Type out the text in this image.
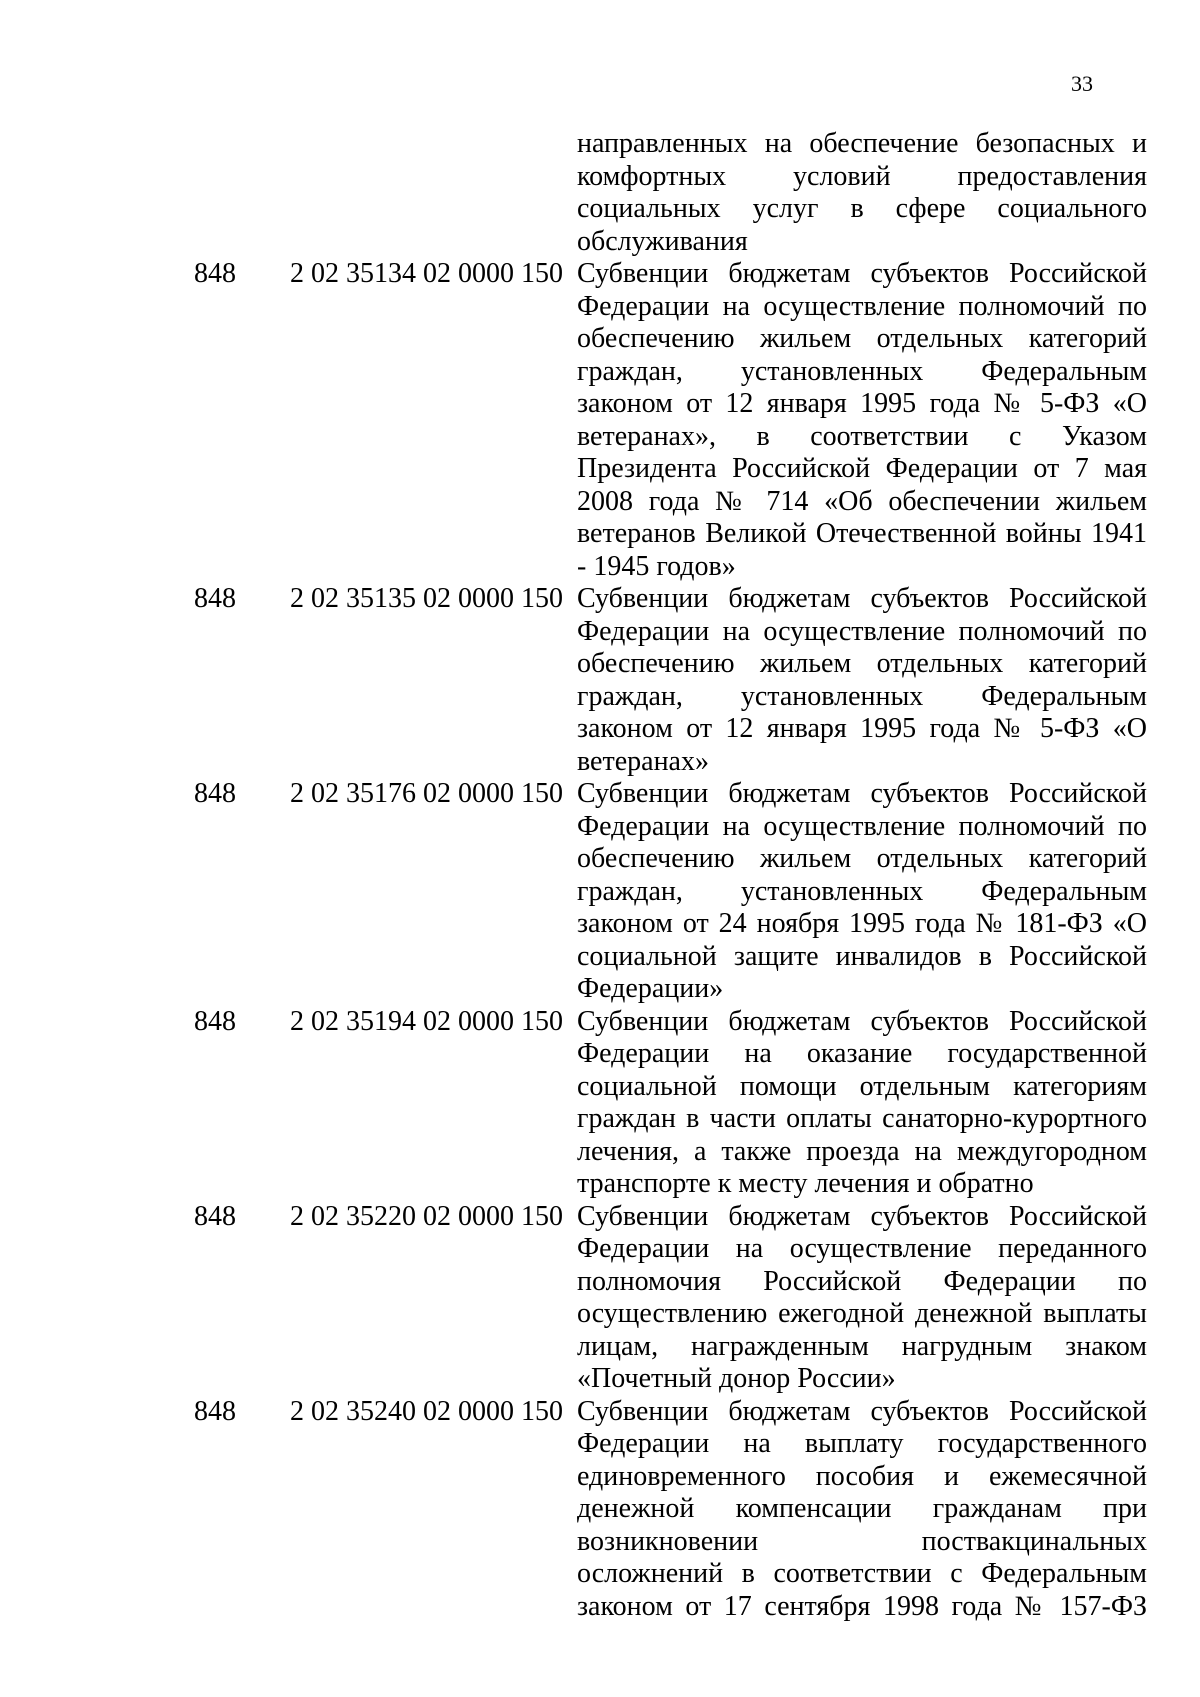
33
направленных на обеспечение безопасных и
комфортных условий предоставления
социальных услуг в сфере социального
обслуживания
848 2 02 35134 02 0000 150 Субвенции бюджетам субъектов Российской
Федерации на осуществление полномочий по
обеспечению жильем отдельных категорий
граждан, установленных Федеральным
законом от 12 января 1995 года № 5-ФЗ «О
ветеранах», в соответствии с Указом
Президента Российской Федерации от 7 мая
2008 года № 714 «Об обеспечении жильем
ветеранов Великой Отечественной войны 1941
- 1945 годов»
848 2 02 35135 02 0000 150 Субвенции бюджетам субъектов Российской
Федерации на осуществление полномочий по
обеспечению жильем отдельных категорий
граждан, установленных Федеральным
законом от 12 января 1995 года № 5-ФЗ «О
ветеранах»
848 2 02 35176 02 0000 150 Субвенции бюджетам субъектов Российской
Федерации на осуществление полномочий по
обеспечению жильем отдельных категорий
граждан, установленных Федеральным
законом от 24 ноября 1995 года № 181-ФЗ «О
социальной защите инвалидов в Российской
Федерации»
848 2 02 35194 02 0000 150 Субвенции бюджетам субъектов Российской
Федерации на оказание государственной
социальной помощи отдельным категориям
граждан в части оплаты санаторно-курортного
лечения, а также проезда на междугородном
транспорте к месту лечения и обратно
848 2 02 35220 02 0000 150 Субвенции бюджетам субъектов Российской
Федерации на осуществление переданного
полномочия Российской Федерации по
осуществлению ежегодной денежной выплаты
лицам, награжденным нагрудным знаком
«Почетный донор России»
848 2 02 35240 02 0000 150 Субвенции бюджетам субъектов Российской
Федерации на выплату государственного
единовременного пособия и ежемесячной
денежной компенсации гражданам при
возникновении поствакцинальных
осложнений в соответствии с Федеральным
законом от 17 сентября 1998 года № 157-ФЗ
